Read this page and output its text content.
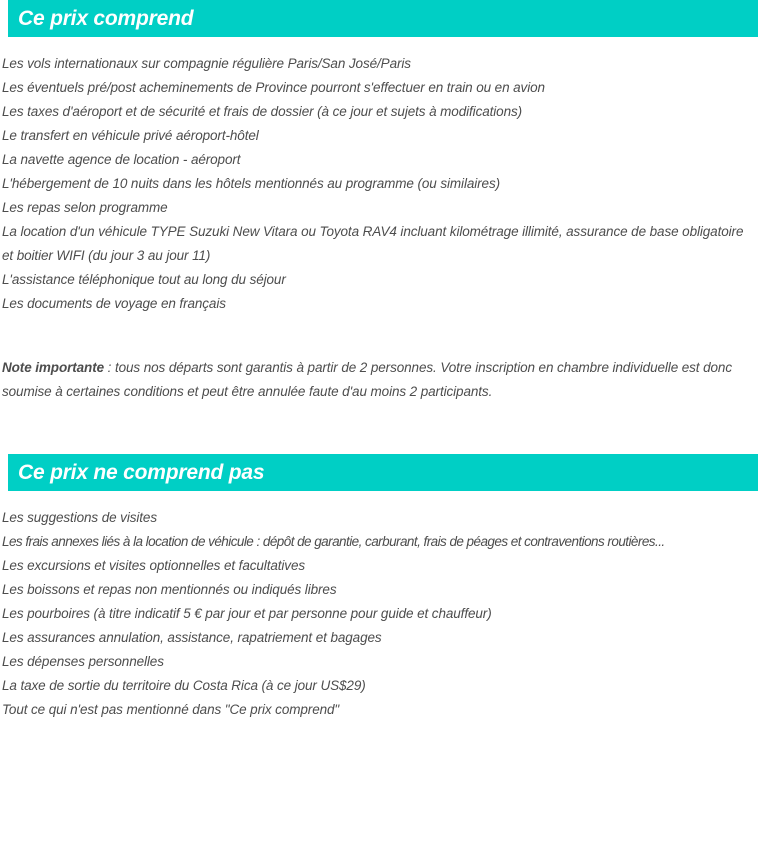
Ce prix comprend

Les vols internationaux sur compagnie régulière Paris/San José/Paris

Les éventuels pré/post acheminements de Province pourront s'effectuer en train ou en avion

Les taxes d'aéroport et de sécurité et frais de dossier (à ce jour et sujets à modifications)

Le transfert en véhicule privé aéroport-hôtel

La navette agence de location - aéroport

L'hébergement de 10 nuits dans les hôtels mentionnés au programme (ou similaires)

Les repas selon programme

La location d'un véhicule TYPE Suzuki New Vitara ou Toyota RAV4 incluant kilométrage illimité, assurance de base obligatoire et boitier WIFI (du jour 3 au jour 11)

L'assistance téléphonique tout au long du séjour

Les documents de voyage en français

Note importante : tous nos départs sont garantis à partir de 2 personnes. Votre inscription en chambre individuelle est donc soumise à certaines conditions et peut être annulée faute d'au moins 2 participants.

Ce prix ne comprend pas

Les suggestions de visites

Les frais annexes liés à la location de véhicule : dépôt de garantie, carburant, frais de péages et contraventions routières...

Les excursions et visites optionnelles et facultatives

Les boissons et repas non mentionnés ou indiqués libres

Les pourboires (à titre indicatif 5 € par jour et par personne pour guide et chauffeur)

Les assurances annulation, assistance, rapatriement et bagages

Les dépenses personnelles

La taxe de sortie du territoire du Costa Rica (à ce jour US$29)

Tout ce qui n'est pas mentionné dans "Ce prix comprend"
